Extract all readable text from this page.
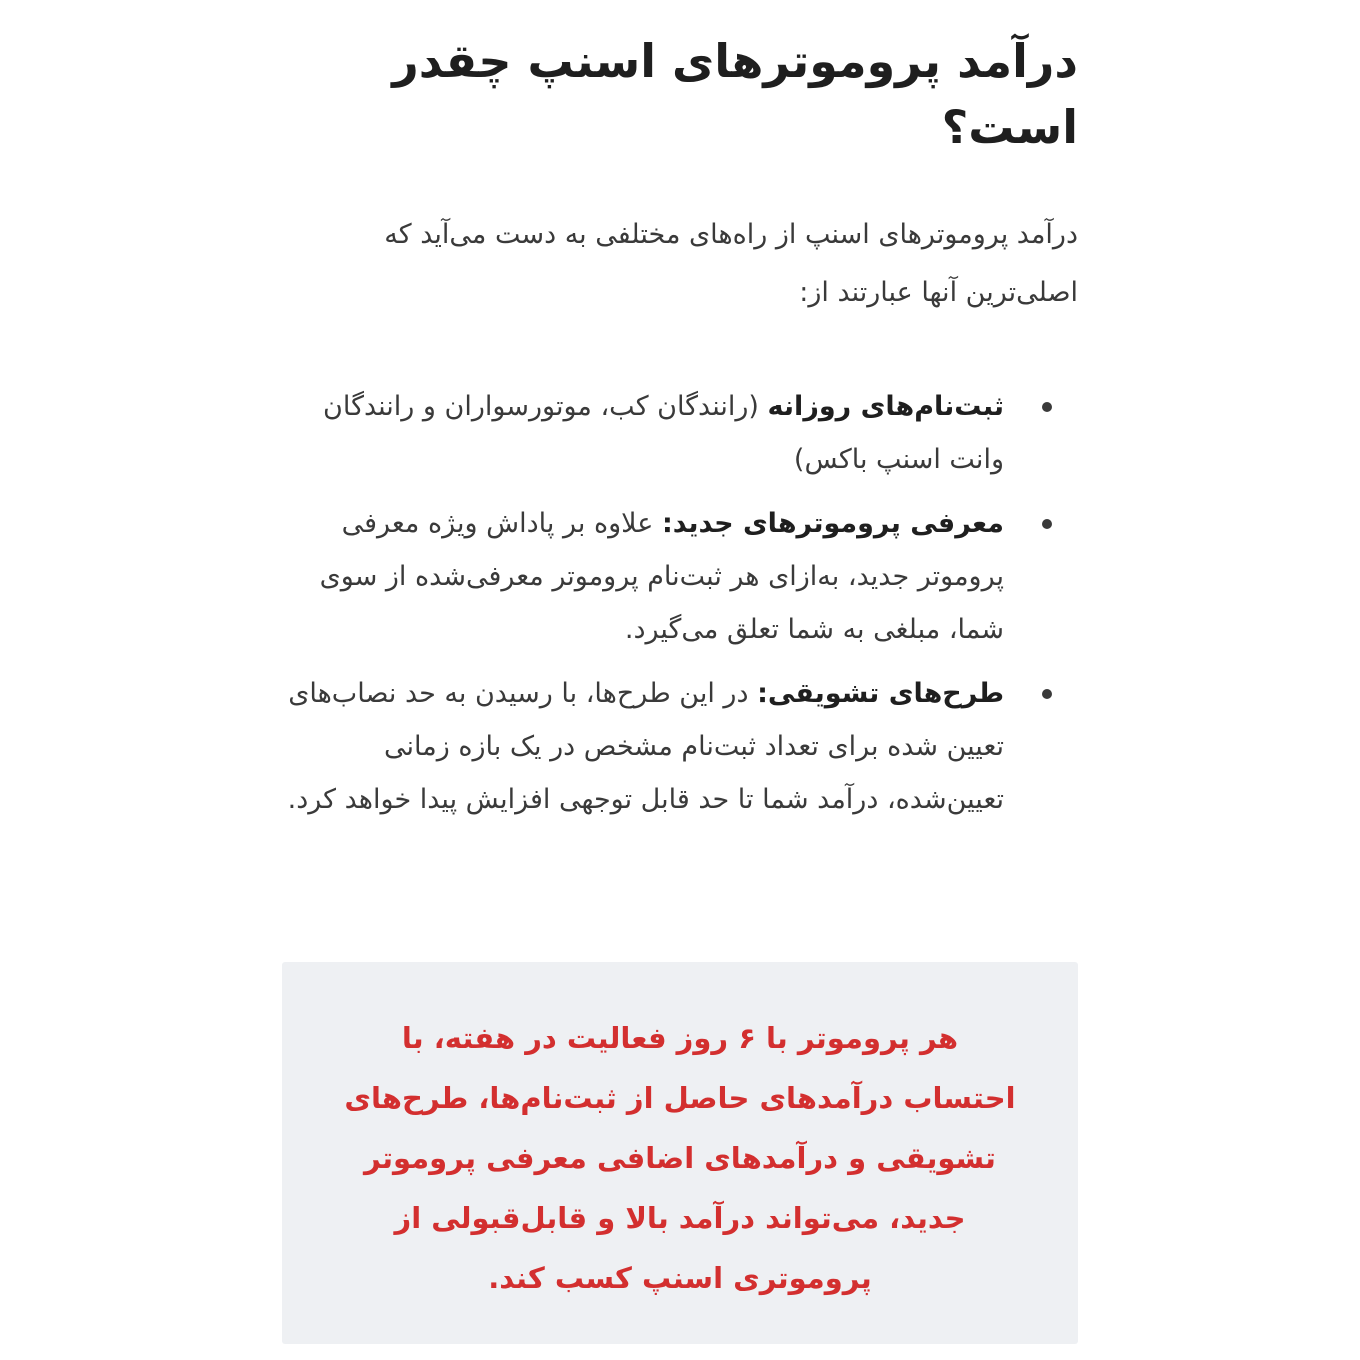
درآمد پروموترهای اسنپ چقدر است؟

درآمد پروموترهای اسنپ از راه‌های مختلفی به دست می‌آید که اصلی‌ترین آنها عبارتند از:

ثبت‌نام‌های روزانه (رانندگان کب، موتورسواران و رانندگان وانت اسنپ باکس)
معرفی پروموترهای جدید: علاوه بر پاداش ویژه معرفی پروموتر جدید، به‌ازای هر ثبت‌نام پروموتر معرفی‌شده از سوی شما، مبلغی به شما تعلق می‌گیرد.
طرح‌های تشویقی: در این طرح‌ها، با رسیدن به حد نصاب‌های تعیین شده برای تعداد ثبت‌نام مشخص در یک بازه زمانی تعیین‌شده، درآمد شما تا حد قابل توجهی افزایش پیدا خواهد کرد.

هر پروموتر با ۶ روز فعالیت در هفته، با احتساب درآمدهای حاصل از ثبت‌نام‌ها، طرح‌های تشویقی و درآمدهای اضافی معرفی پروموتر جدید، می‌تواند درآمد بالا و قابل‌قبولی از پروموتری اسنپ کسب کند.
